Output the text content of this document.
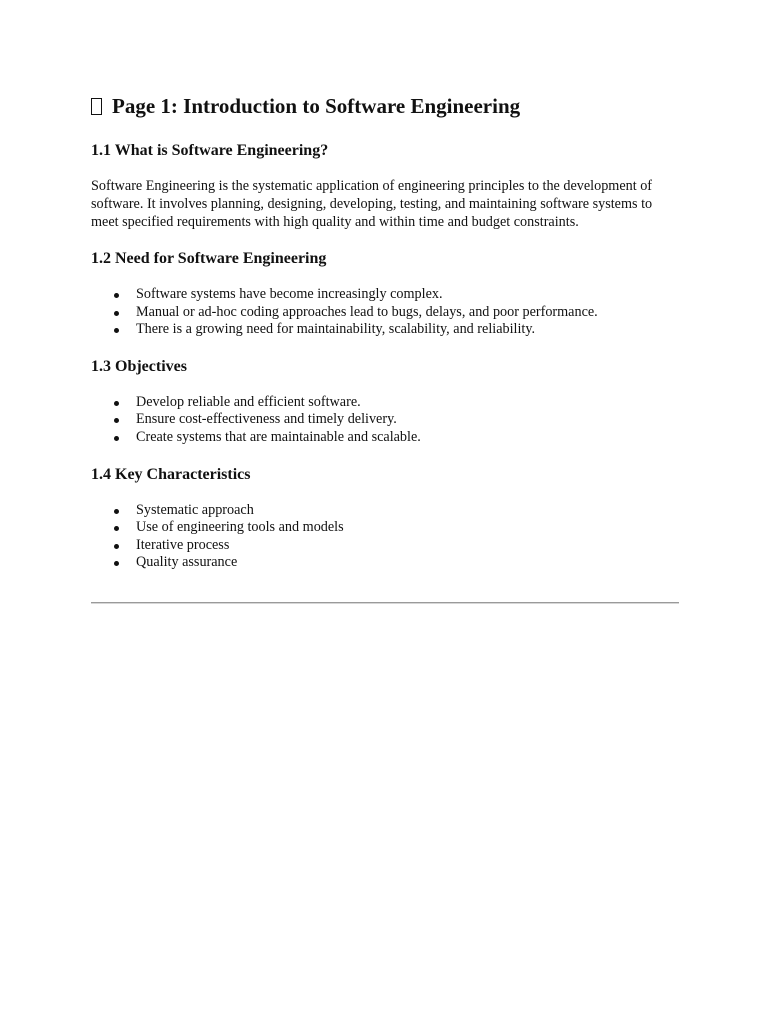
Page 1: Introduction to Software Engineering
1.1 What is Software Engineering?

Software Engineering is the systematic application of engineering principles to the development of software. It involves planning, designing, developing, testing, and maintaining software systems to meet specified requirements with high quality and within time and budget constraints.

1.2 Need for Software Engineering
Software systems have become increasingly complex.
Manual or ad-hoc coding approaches lead to bugs, delays, and poor performance.
There is a growing need for maintainability, scalability, and reliability.
1.3 Objectives
Develop reliable and efficient software.
Ensure cost-effectiveness and timely delivery.
Create systems that are maintainable and scalable.
1.4 Key Characteristics
Systematic approach
Use of engineering tools and models
Iterative process
Quality assurance
